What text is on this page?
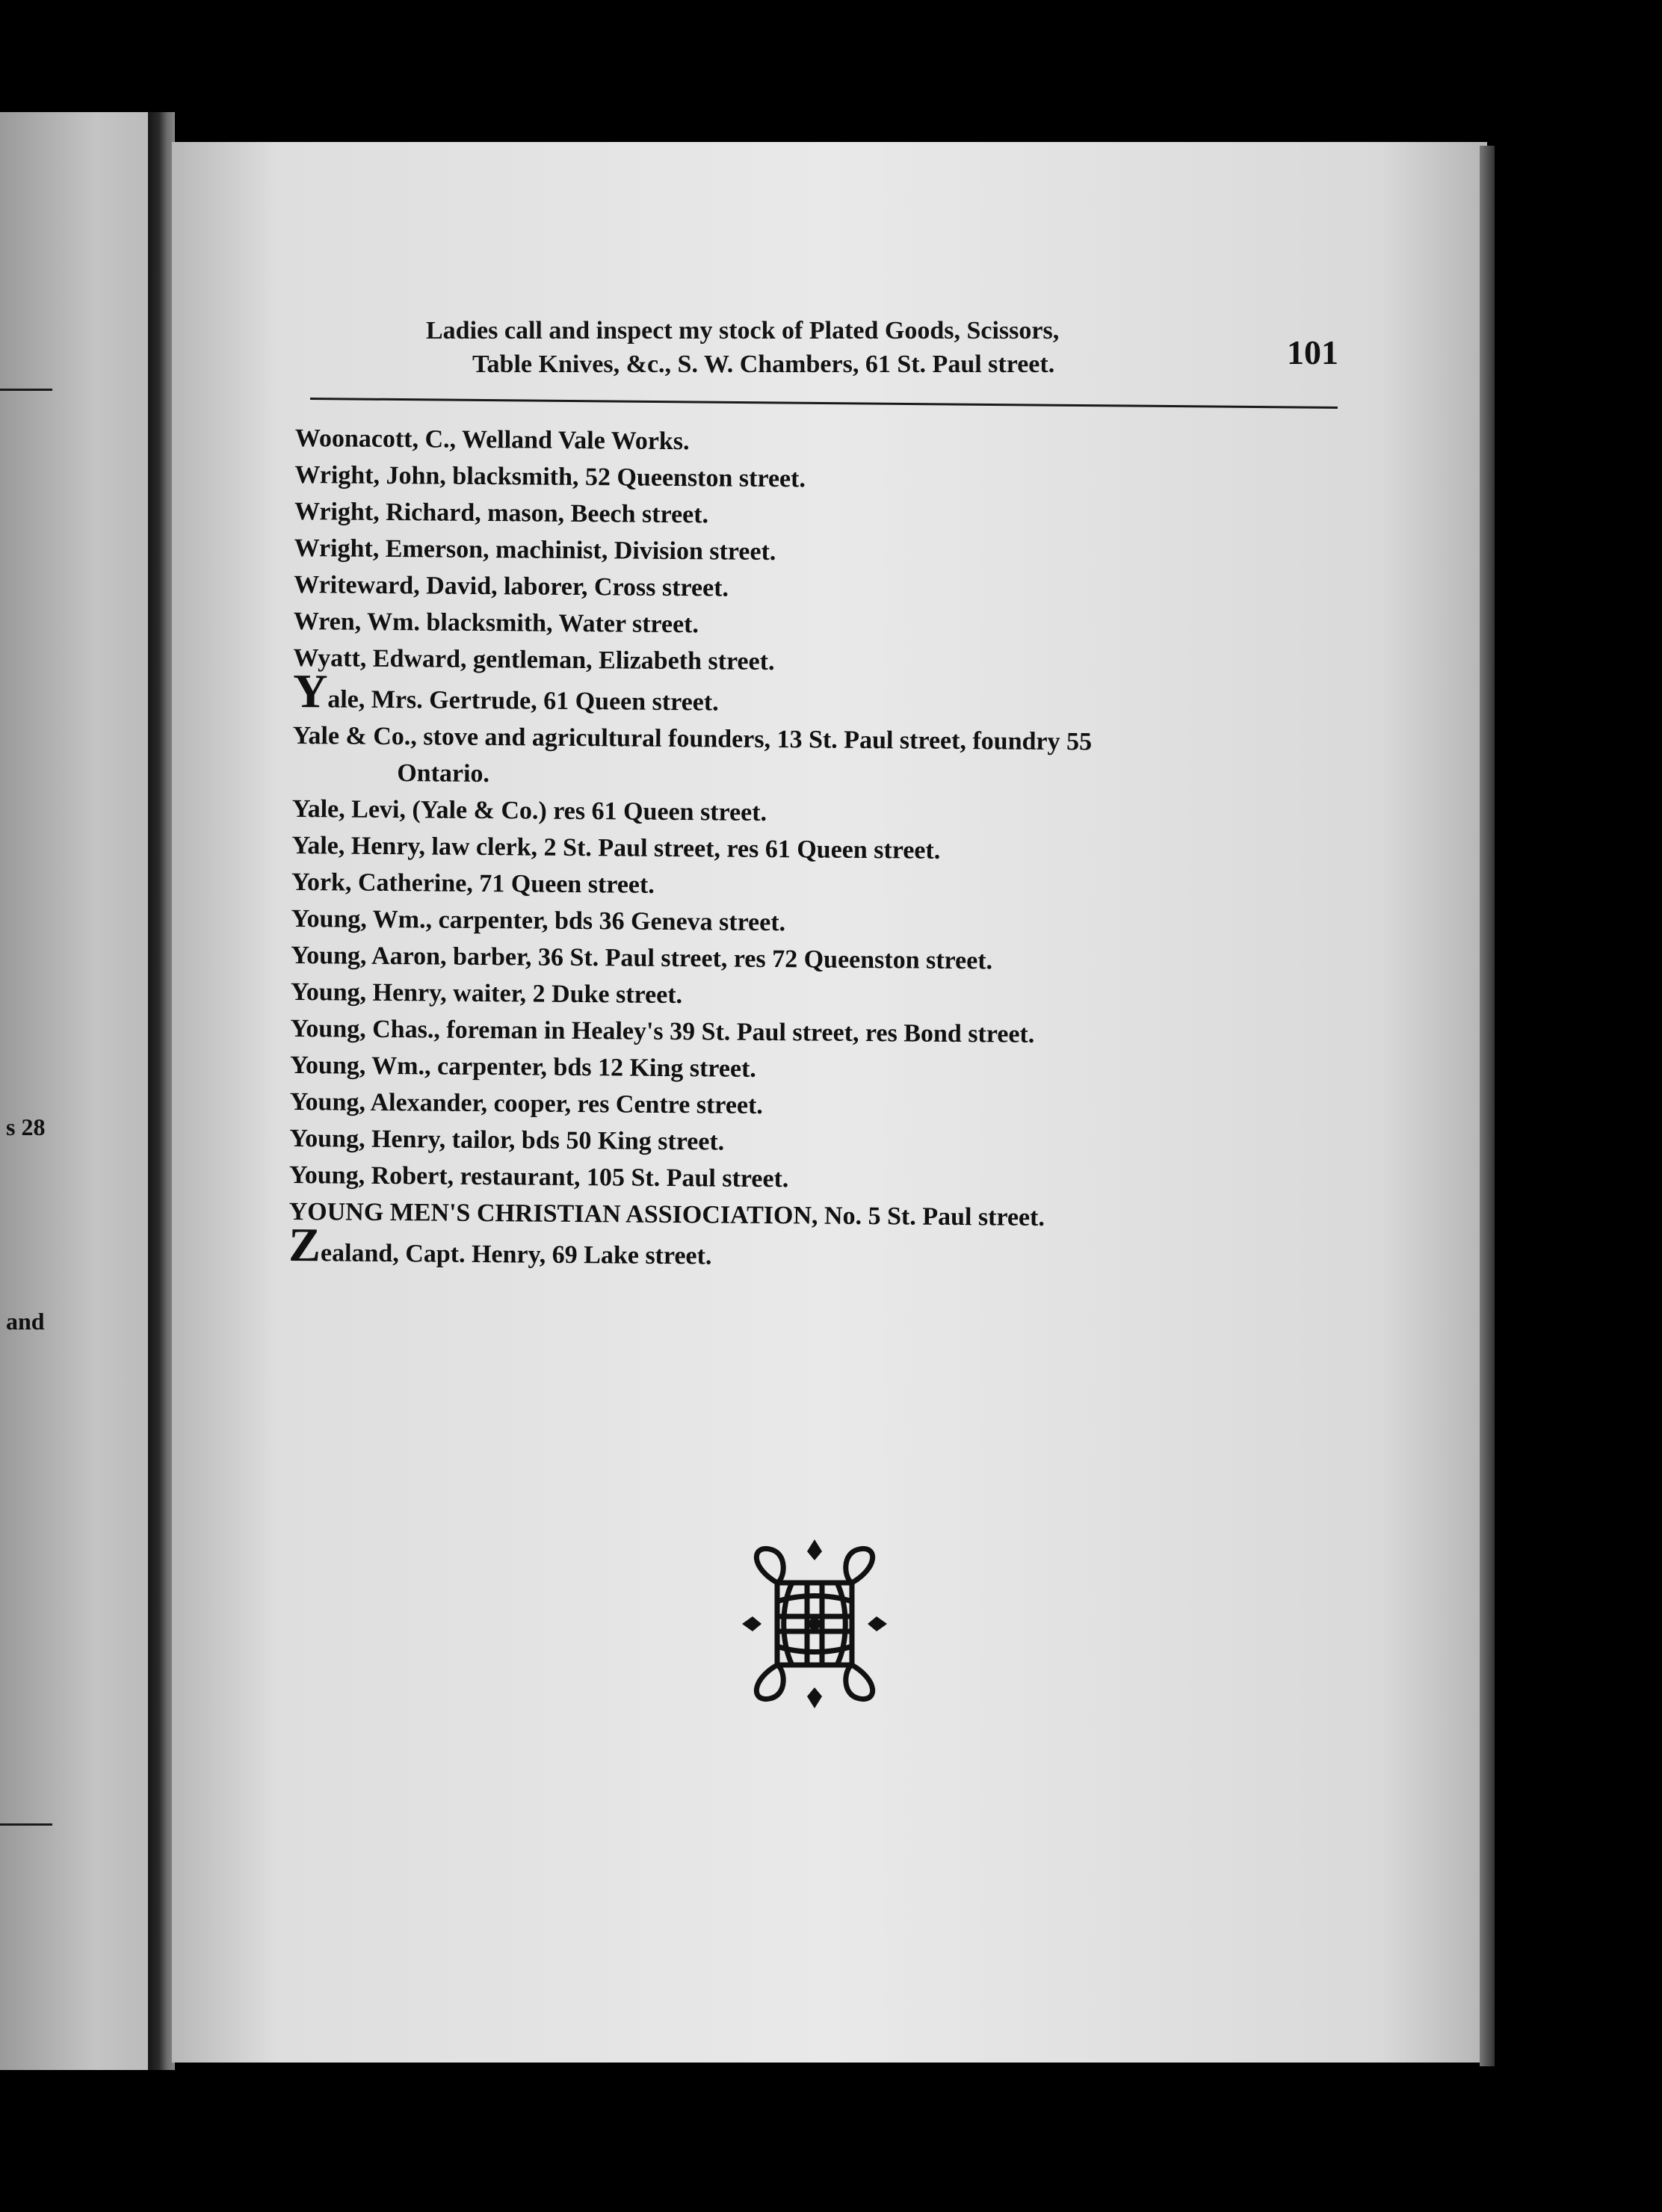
s 28
and
Ladies call and inspect my stock of Plated Goods, Scissors,
Table Knives, &c., S. W. Chambers, 61 St. Paul street.	101
Woonacott, C., Welland Vale Works.
Wright, John, blacksmith, 52 Queenston street.
Wright, Richard, mason, Beech street.
Wright, Emerson, machinist, Division street.
Writeward, David, laborer, Cross street.
Wren, Wm. blacksmith, Water street.
Wyatt, Edward, gentleman, Elizabeth street.
Yale, Mrs. Gertrude, 61 Queen street.
Yale & Co., stove and agricultural founders, 13 St. Paul street, foundry 55
Ontario.
Yale, Levi, (Yale & Co.) res 61 Queen street.
Yale, Henry, law clerk, 2 St. Paul street, res 61 Queen street.
York, Catherine, 71 Queen street.
Young, Wm., carpenter, bds 36 Geneva street.
Young, Aaron, barber, 36 St. Paul street, res 72 Queenston street.
Young, Henry, waiter, 2 Duke street.
Young, Chas., foreman in Healey's 39 St. Paul street, res Bond street.
Young, Wm., carpenter, bds 12 King street.
Young, Alexander, cooper, res Centre street.
Young, Henry, tailor, bds 50 King street.
Young, Robert, restaurant, 105 St. Paul street.
YOUNG MEN'S CHRISTIAN ASSIOCIATION, No. 5 St. Paul street.
Zealand, Capt. Henry, 69 Lake street.
